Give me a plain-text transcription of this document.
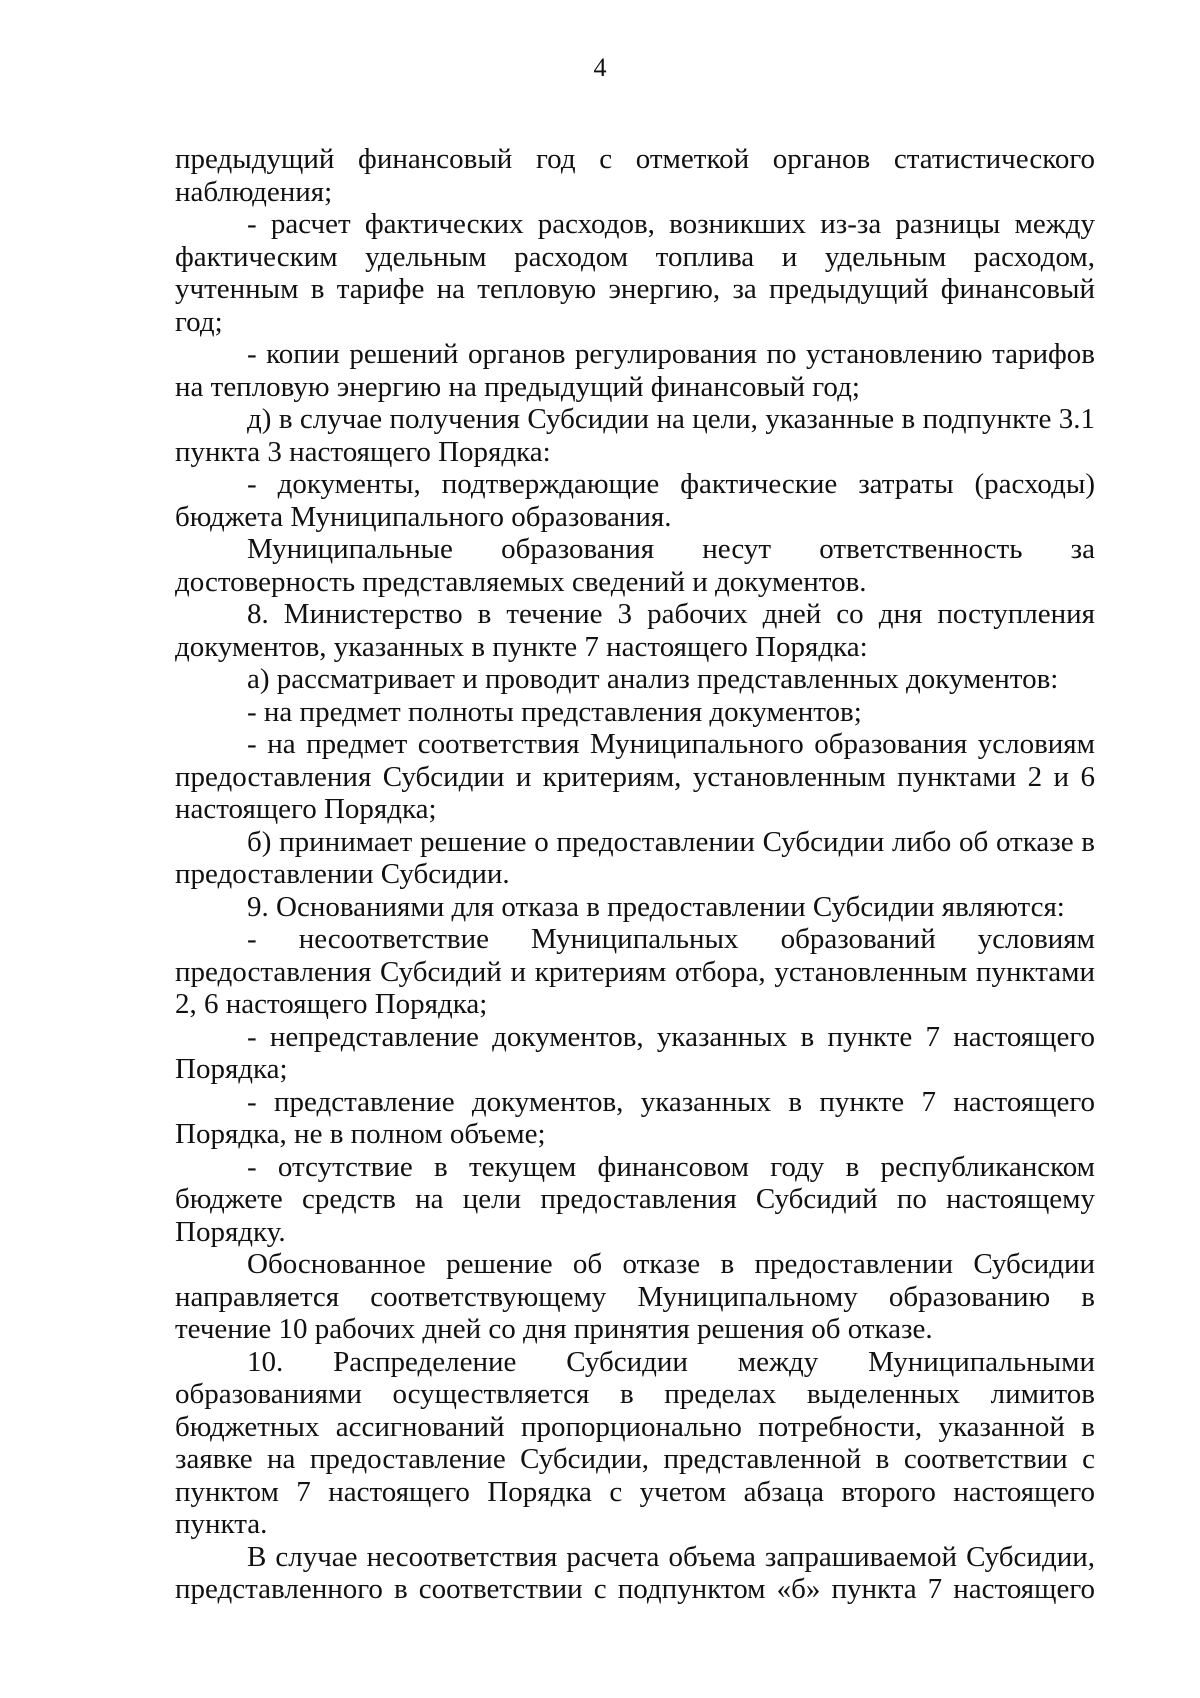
4

предыдущий финансовый год с отметкой органов статистического наблюдения;

- расчет фактических расходов, возникших из-за разницы между фактическим удельным расходом топлива и удельным расходом, учтенным в тарифе на тепловую энергию, за предыдущий финансовый год;

- копии решений органов регулирования по установлению тарифов на тепловую энергию на предыдущий финансовый год;

д) в случае получения Субсидии на цели, указанные в подпункте 3.1 пункта 3 настоящего Порядка:

- документы, подтверждающие фактические затраты (расходы) бюджета Муниципального образования.

Муниципальные образования несут ответственность за достоверность представляемых сведений и документов.

8. Министерство в течение 3 рабочих дней со дня поступления документов, указанных в пункте 7 настоящего Порядка:

а) рассматривает и проводит анализ представленных документов:

- на предмет полноты представления документов;

- на предмет соответствия Муниципального образования условиям предоставления Субсидии и критериям, установленным пунктами 2 и 6 настоящего Порядка;

б) принимает решение о предоставлении Субсидии либо об отказе в предоставлении Субсидии.

9. Основаниями для отказа в предоставлении Субсидии являются:

- несоответствие Муниципальных образований условиям предоставления Субсидий и критериям отбора, установленным пунктами 2, 6 настоящего Порядка;

- непредставление документов, указанных в пункте 7 настоящего Порядка;

- представление документов, указанных в пункте 7 настоящего Порядка, не в полном объеме;

- отсутствие в текущем финансовом году в республиканском бюджете средств на цели предоставления Субсидий по настоящему Порядку.

Обоснованное решение об отказе в предоставлении Субсидии направляется соответствующему Муниципальному образованию в течение 10 рабочих дней со дня принятия решения об отказе.

10. Распределение Субсидии между Муниципальными образованиями осуществляется в пределах выделенных лимитов бюджетных ассигнований пропорционально потребности, указанной в заявке на предоставление Субсидии, представленной в соответствии с пунктом 7 настоящего Порядка с учетом абзаца второго настоящего пункта.

В случае несоответствия расчета объема запрашиваемой Субсидии, представленного в соответствии с подпунктом «б» пункта 7 настоящего
